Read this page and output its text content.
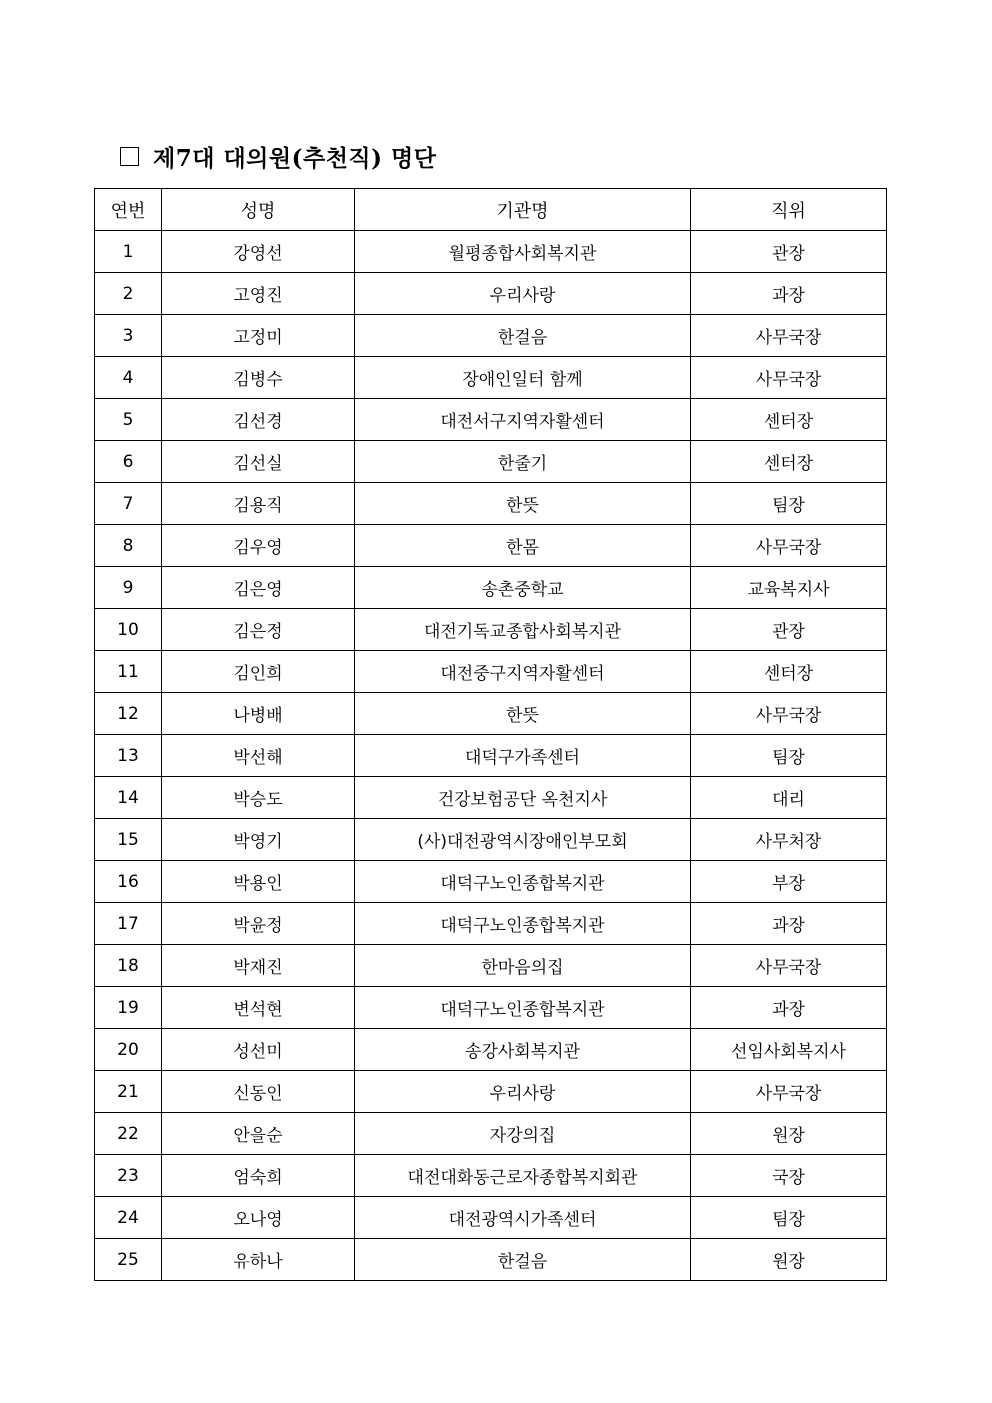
제7대 대의원(추천직) 명단
연번	성명	기관명	직위
1	강영선	월평종합사회복지관	관장
2	고영진	우리사랑	과장
3	고정미	한걸음	사무국장
4	김병수	장애인일터 함께	사무국장
5	김선경	대전서구지역자활센터	센터장
6	김선실	한줄기	센터장
7	김용직	한뜻	팀장
8	김우영	한몸	사무국장
9	김은영	송촌중학교	교육복지사
10	김은정	대전기독교종합사회복지관	관장
11	김인희	대전중구지역자활센터	센터장
12	나병배	한뜻	사무국장
13	박선해	대덕구가족센터	팀장
14	박승도	건강보험공단 옥천지사	대리
15	박영기	(사)대전광역시장애인부모회	사무처장
16	박용인	대덕구노인종합복지관	부장
17	박윤정	대덕구노인종합복지관	과장
18	박재진	한마음의집	사무국장
19	변석현	대덕구노인종합복지관	과장
20	성선미	송강사회복지관	선임사회복지사
21	신동인	우리사랑	사무국장
22	안을순	자강의집	원장
23	엄숙희	대전대화동근로자종합복지회관	국장
24	오나영	대전광역시가족센터	팀장
25	유하나	한걸음	원장
